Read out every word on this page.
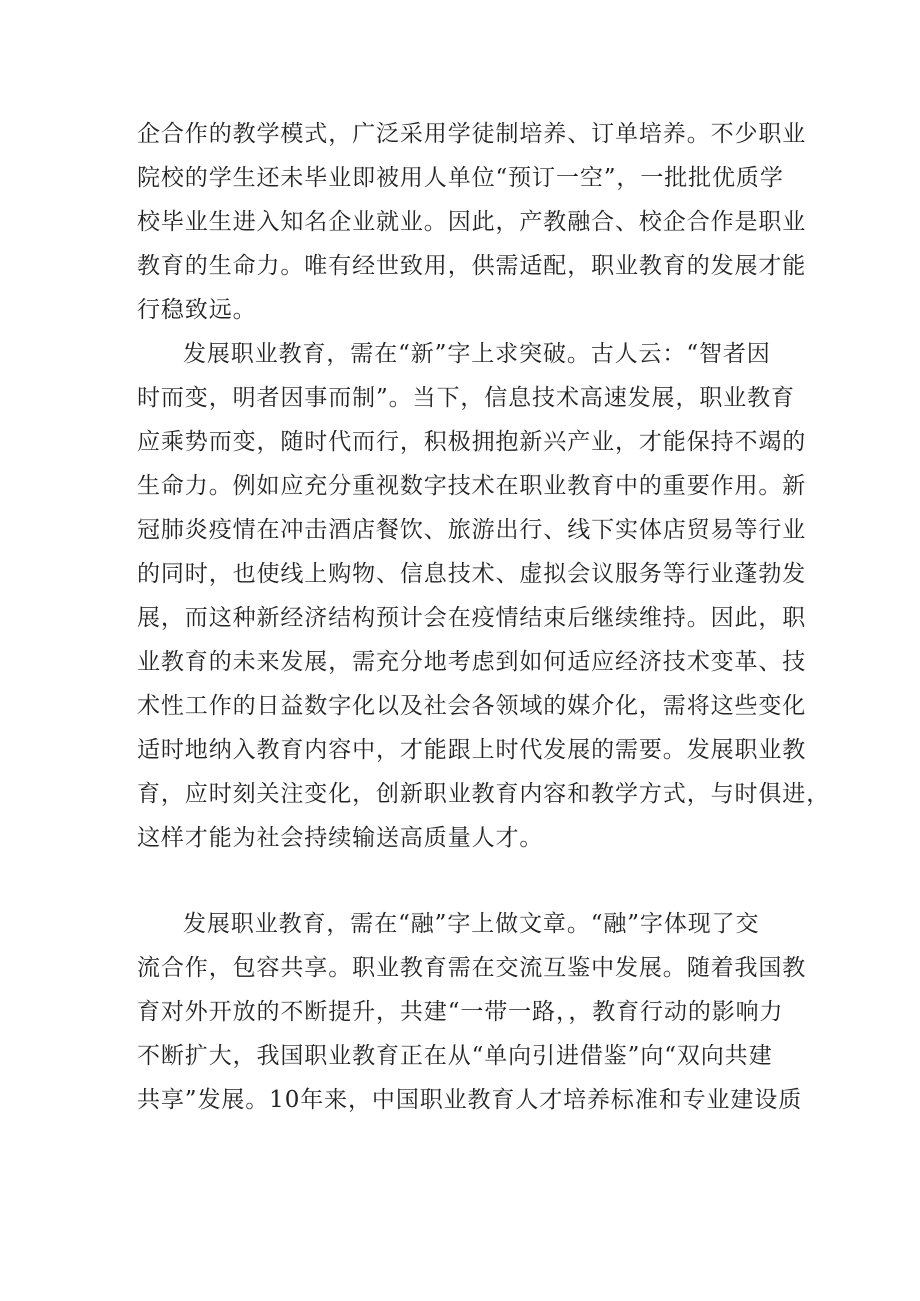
企合作的教学模式，广泛采用学徒制培养、订单培养。不少职业
院校的学生还未毕业即被用人单位“预订一空”，一批批优质学
校毕业生进入知名企业就业。因此，产教融合、校企合作是职业
教育的生命力。唯有经世致用，供需适配，职业教育的发展才能
行稳致远。
发展职业教育，需在“新”字上求突破。古人云：“智者因
时而变，明者因事而制”。当下，信息技术高速发展，职业教育
应乘势而变，随时代而行，积极拥抱新兴产业，才能保持不竭的
生命力。例如应充分重视数字技术在职业教育中的重要作用。新
冠肺炎疫情在冲击酒店餐饮、旅游出行、线下实体店贸易等行业
的同时，也使线上购物、信息技术、虚拟会议服务等行业蓬勃发
展，而这种新经济结构预计会在疫情结束后继续维持。因此，职
业教育的未来发展，需充分地考虑到如何适应经济技术变革、技
术性工作的日益数字化以及社会各领域的媒介化，需将这些变化
适时地纳入教育内容中，才能跟上时代发展的需要。发展职业教
育，应时刻关注变化，创新职业教育内容和教学方式，与时俱进，
这样才能为社会持续输送高质量人才。
发展职业教育，需在“融”字上做文章。“融”字体现了交
流合作，包容共享。职业教育需在交流互鉴中发展。随着我国教
育对外开放的不断提升，共建“一带一路，，教育行动的影响力
不断扩大，我国职业教育正在从“单向引进借鉴”向“双向共建
共享”发展。10年来，中国职业教育人才培养标准和专业建设质
